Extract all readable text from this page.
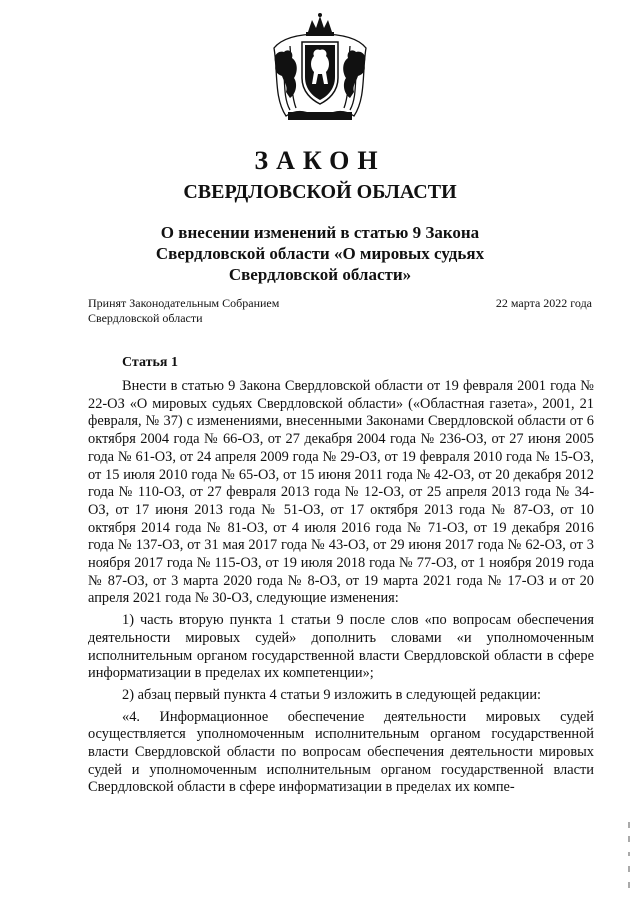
ЗАКОН
СВЕРДЛОВСКОЙ ОБЛАСТИ
О внесении изменений в статью 9 Закона
Свердловской области «О мировых судьях
Свердловской области»
Принят Законодательным Собранием
Свердловской области
22 марта 2022 года
Статья 1

Внести в статью 9 Закона Свердловской области от 19 февраля 2001 года № 22-ОЗ «О мировых судьях Свердловской области» («Областная газета», 2001, 21 февраля, № 37) с изменениями, внесенными Законами Свердловской области от 6 октября 2004 года № 66-ОЗ, от 27 декабря 2004 года № 236-ОЗ, от 27 июня 2005 года № 61-ОЗ, от 24 апреля 2009 года № 29-ОЗ, от 19 февраля 2010 года № 15-ОЗ, от 15 июля 2010 года № 65-ОЗ, от 15 июня 2011 года № 42-ОЗ, от 20 декабря 2012 года № 110-ОЗ, от 27 февраля 2013 года № 12-ОЗ, от 25 апреля 2013 года № 34-ОЗ, от 17 июня 2013 года № 51-ОЗ, от 17 октября 2013 года № 87-ОЗ, от 10 октября 2014 года № 81-ОЗ, от 4 июля 2016 года № 71-ОЗ, от 19 декабря 2016 года № 137-ОЗ, от 31 мая 2017 года № 43-ОЗ, от 29 июня 2017 года № 62-ОЗ, от 3 ноября 2017 года № 115-ОЗ, от 19 июля 2018 года № 77-ОЗ, от 1 ноября 2019 года № 87-ОЗ, от 3 марта 2020 года № 8-ОЗ, от 19 марта 2021 года № 17-ОЗ и от 20 апреля 2021 года № 30-ОЗ, следующие изменения:

1) часть вторую пункта 1 статьи 9 после слов «по вопросам обеспечения деятельности мировых судей» дополнить словами «и уполномоченным исполнительным органом государственной власти Свердловской области в сфере информатизации в пределах их компетенции»;

2) абзац первый пункта 4 статьи 9 изложить в следующей редакции:

«4. Информационное обеспечение деятельности мировых судей осуществляется уполномоченным исполнительным органом государственной власти Свердловской области по вопросам обеспечения деятельности мировых судей и уполномоченным исполнительным органом государственной власти Свердловской области в сфере информатизации в пределах их компе-
